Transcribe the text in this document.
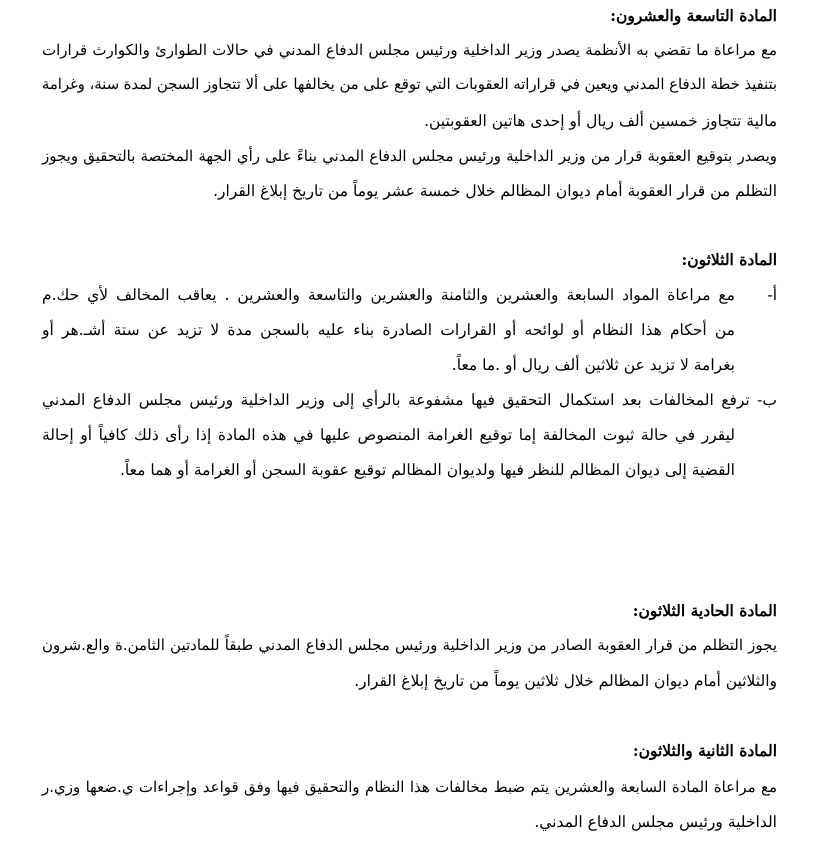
المادة التاسعة والعشرون:
مع مراعاة ما تقضي به الأنظمة يصدر وزير الداخلية ورئيس مجلس الدفاع المدني في حالات الطوارئ والكوارث قرارات
بتنفيذ خطة الدفاع المدني ويعين في قراراته العقوبات التي توقع على من يخالفها على ألا تتجاوز السجن لمدة سنة، وغرامة
مالية تتجاوز خمسين ألف ريال أو إحدى هاتين العقوبتين.
ويصدر بتوقيع العقوبة قرار من وزير الداخلية ورئيس مجلس الدفاع المدني بناءً على رأي الجهة المختصة بالتحقيق ويجوز
التظلم من قرار العقوبة أمام ديوان المظالم خلال خمسة عشر يوماً من تاريخ إبلاغ القرار.
المادة الثلاثون:
أ-
مع مراعاة المواد السابعة والعشرين والثامنة والعشرين والتاسعة والعشرين . يعاقب المخالف لأي حك.م
من أحكام هذا النظام أو لوائحه أو القرارات الصادرة بناء عليه بالسجن مدة لا تزيد عن ستة أشـ.هر أو
بغرامة لا تزيد عن ثلاثين ألف ريال أو .ما معاً.
ب- ترفع المخالفات بعد استكمال التحقيق فيها مشفوعة بالرأي إلى وزير الداخلية ورئيس مجلس الدفاع المدني
ليقرر في حالة ثبوت المخالفة إما توقيع الغرامة المنصوص عليها في هذه المادة إذا رأى ذلك كافياً أو إحالة
القضية إلى ديوان المظالم للنظر فيها ولديوان المظالم توقيع عقوبة السجن أو الغرامة أو هما معاً.
المادة الحادية الثلاثون:
يجوز التظلم من قرار العقوبة الصادر من وزير الداخلية ورئيس مجلس الدفاع المدني طبقاً للمادتين الثامن.ة والع.شرون
والثلاثين أمام ديوان المظالم خلال ثلاثين يوماً من تاريخ إبلاغ القرار.
المادة الثانية والثلاثون:
مع مراعاة المادة السابعة والعشرين يتم ضبط مخالفات هذا النظام والتحقيق فيها وفق قواعد وإجراءات ي.ضعها وزي.ر
الداخلية ورئيس مجلس الدفاع المدني.
